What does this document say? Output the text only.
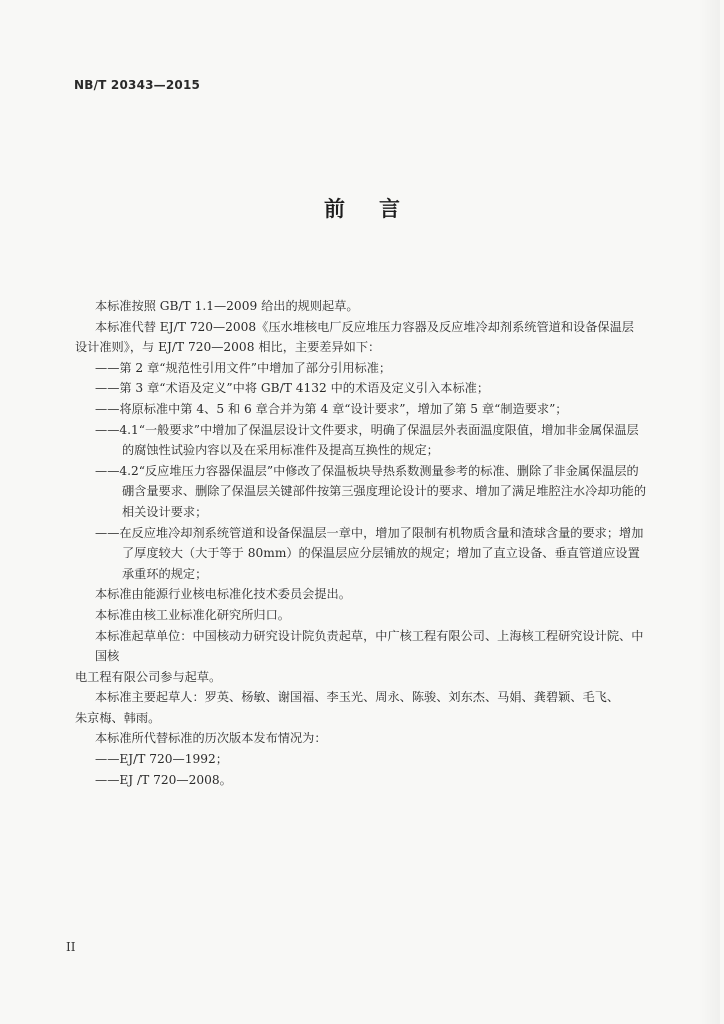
NB/T 20343—2015
前言

本标准按照 GB/T 1.1—2009 给出的规则起草。

本标准代替 EJ/T 720—2008《压水堆核电厂反应堆压力容器及反应堆冷却剂系统管道和设备保温层

设计准则》，与 EJ/T 720—2008 相比，主要差异如下：

——第 2 章“规范性引用文件”中增加了部分引用标准；

——第 3 章“术语及定义”中将 GB/T 4132 中的术语及定义引入本标准；

——将原标准中第 4、5 和 6 章合并为第 4 章“设计要求”，增加了第 5 章“制造要求”；

——4.1“一般要求”中增加了保温层设计文件要求，明确了保温层外表面温度限值，增加非金属保温层的腐蚀性试验内容以及在采用标准件及提高互换性的规定；

——4.2“反应堆压力容器保温层”中修改了保温板块导热系数测量参考的标准、删除了非金属保温层的硼含量要求、删除了保温层关键部件按第三强度理论设计的要求、增加了满足堆腔注水冷却功能的相关设计要求；

——在反应堆冷却剂系统管道和设备保温层一章中，增加了限制有机物质含量和渣球含量的要求；增加了厚度较大（大于等于 80mm）的保温层应分层铺放的规定；增加了直立设备、垂直管道应设置承重环的规定；

本标准由能源行业核电标准化技术委员会提出。

本标准由核工业标准化研究所归口。

本标准起草单位：中国核动力研究设计院负责起草，中广核工程有限公司、上海核工程研究设计院、中国核

电工程有限公司参与起草。

本标准主要起草人：罗英、杨敏、谢国福、李玉光、周永、陈骏、刘东杰、马娟、龚碧颖、毛飞、

朱京梅、韩雨。

本标准所代替标准的历次版本发布情况为：

——EJ/T 720—1992；

——EJ /T 720—2008。

II
